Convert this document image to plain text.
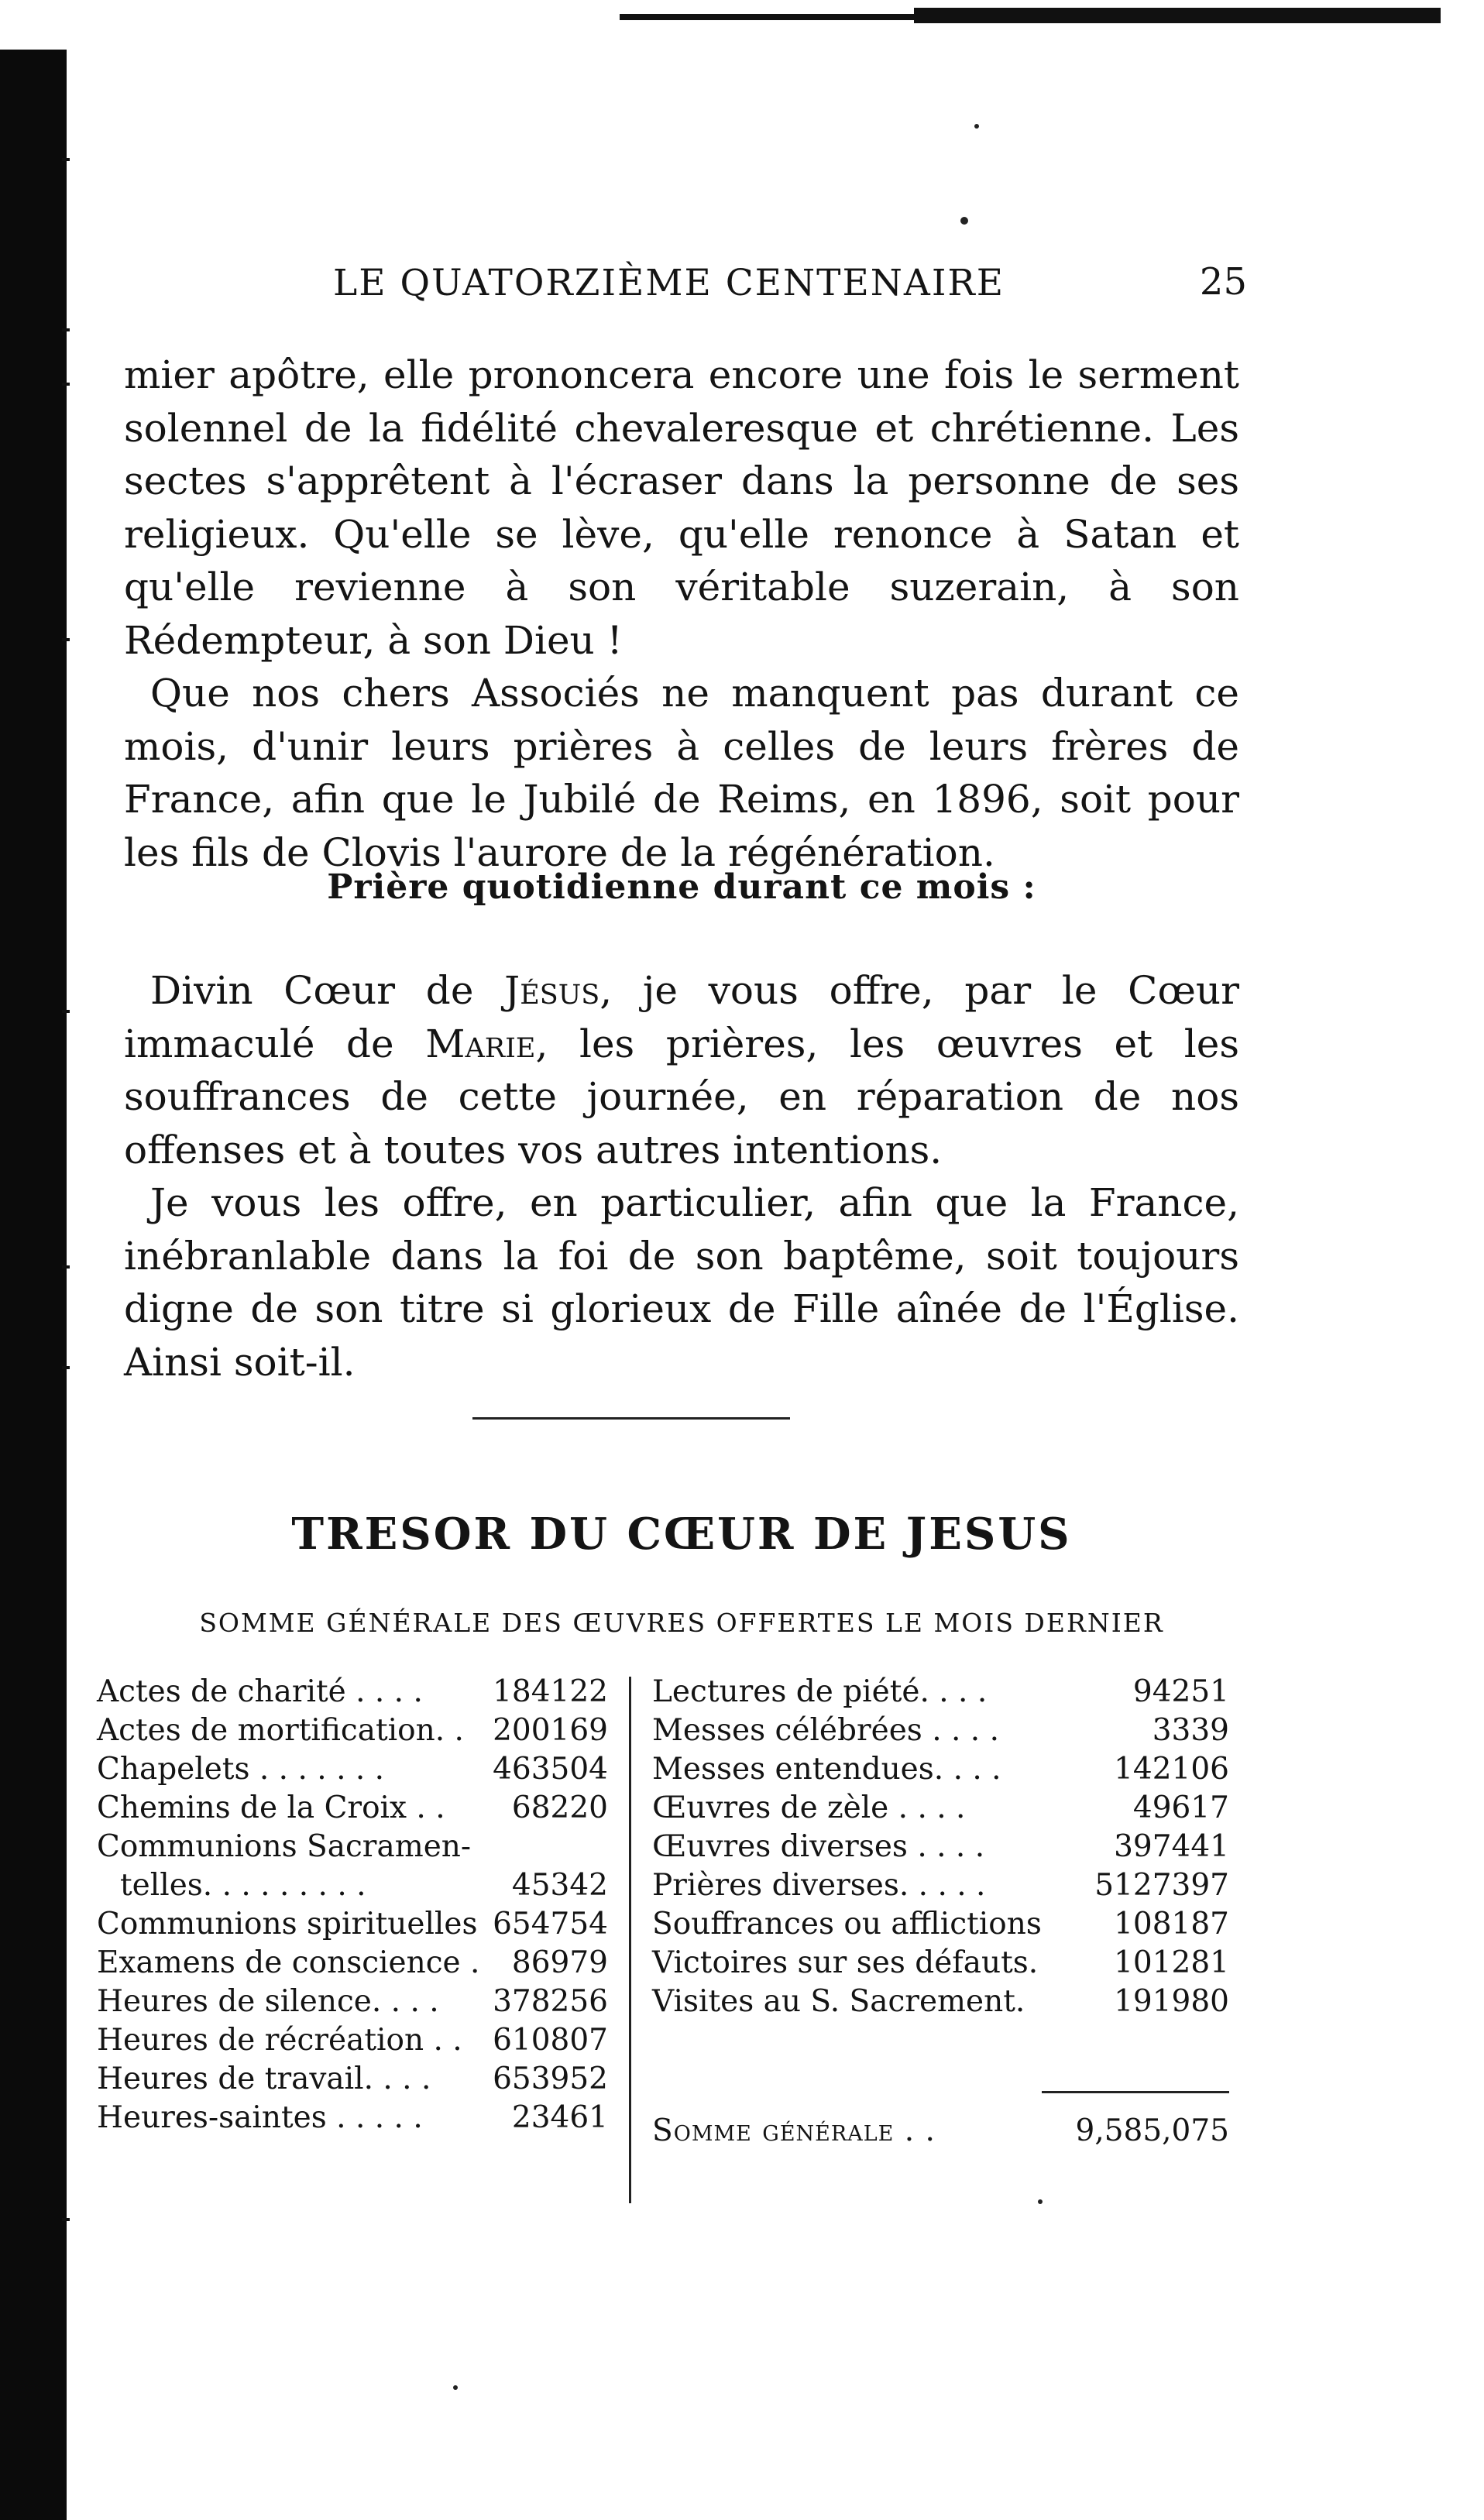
LE QUATORZIÈME CENTENAIRE	25

mier apôtre, elle prononcera encore une fois le serment solennel de la fidélité chevaleresque et chrétienne. Les sectes s'apprêtent à l'écraser dans la personne de ses religieux. Qu'elle se lève, qu'elle renonce à Satan et qu'elle revienne à son véritable suzerain, à son Rédempteur, à son Dieu !

Que nos chers Associés ne manquent pas durant ce mois, d'unir leurs prières à celles de leurs frères de France, afin que le Jubilé de Reims, en 1896, soit pour les fils de Clovis l'aurore de la régénération.

Prière quotidienne durant ce mois :

Divin Cœur de Jésus, je vous offre, par le Cœur immaculé de Marie, les prières, les œuvres et les souffrances de cette journée, en réparation de nos offenses et à toutes vos autres intentions.

Je vous les offre, en particulier, afin que la France, inébranlable dans la foi de son baptême, soit toujours digne de son titre si glorieux de Fille aînée de l'Église. Ainsi soit-il.

TRESOR DU CŒUR DE JESUS
SOMME GÉNÉRALE DES ŒUVRES OFFERTES LE MOIS DERNIER
Actes de charité . . . . 184122
Actes de mortification. . 200169
Chapelets . . . . . . .	463504
Chemins de la Croix . . 68220
Communions Sacramen-
telles. . . . . . . . .	45342
Communions spirituelles 654754
Examens de conscience . 86979
Heures de silence. . . . 378256
Heures de récréation . . 610807
Heures de travail. . . . 653952
Heures-saintes . . . . .	23461
Lectures de piété. . . .	94251
Messes célébrées . . . .	3339
Messes entendues. . . .	142106
Œuvres de zèle . . . .	49617
Œuvres diverses . . . .	397441
Prières diverses. . . . .	5127397
Souffrances ou afflictions 108187
Victoires sur ses défauts.	101281
Visites au S. Sacrement.	191980
Somme générale . .	9,585,075
